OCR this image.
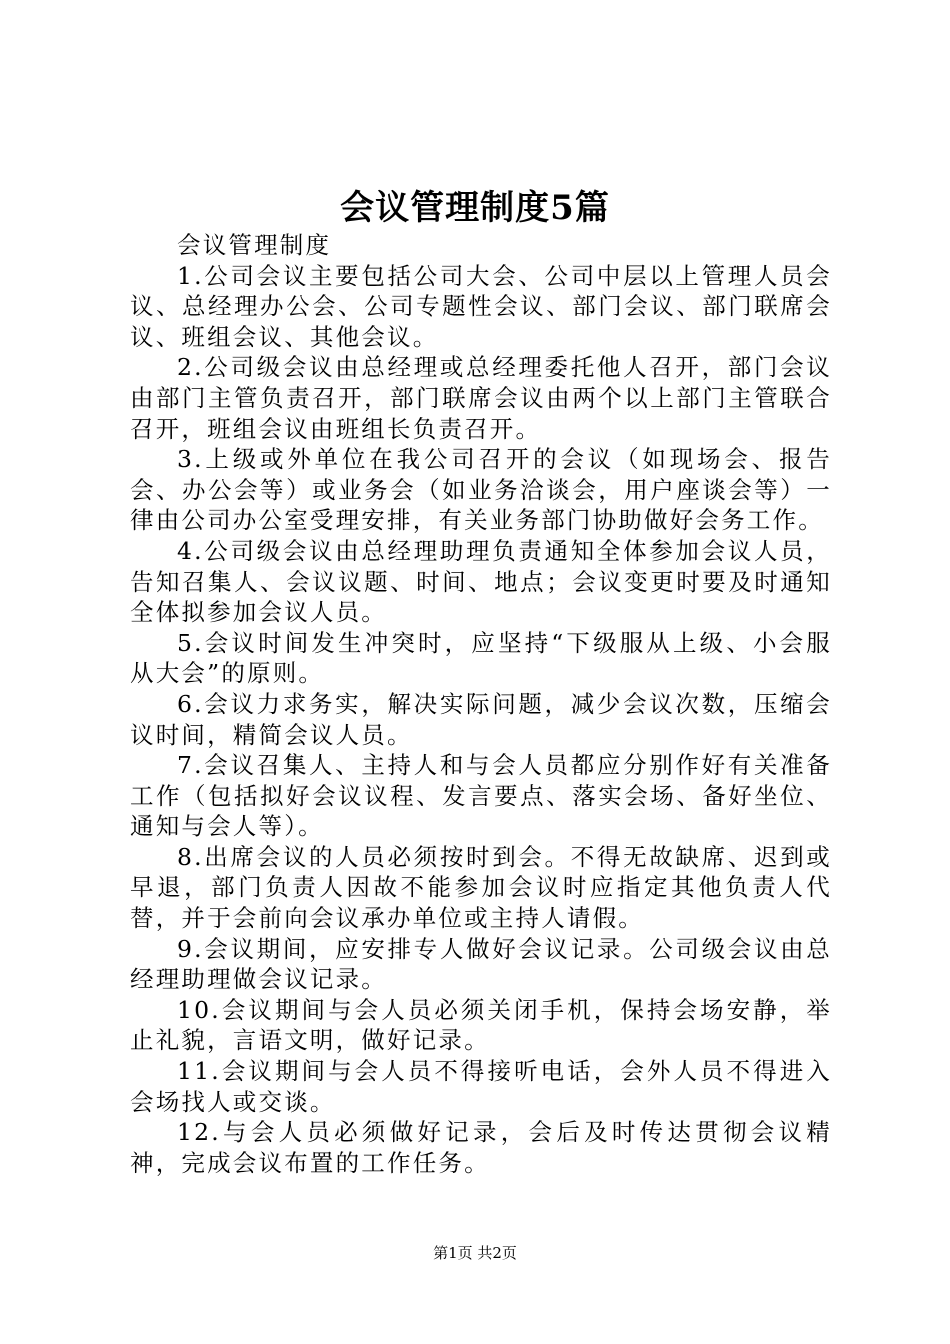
会议管理制度5篇

会议管理制度

1.公司会议主要包括公司大会、公司中层以上管理人员会议、总经理办公会、公司专题性会议、部门会议、部门联席会议、班组会议、其他会议。

2.公司级会议由总经理或总经理委托他人召开，部门会议由部门主管负责召开，部门联席会议由两个以上部门主管联合召开，班组会议由班组长负责召开。

3.上级或外单位在我公司召开的会议（如现场会、报告会、办公会等）或业务会（如业务洽谈会，用户座谈会等）一律由公司办公室受理安排，有关业务部门协助做好会务工作。

4.公司级会议由总经理助理负责通知全体参加会议人员，告知召集人、会议议题、时间、地点；会议变更时要及时通知全体拟参加会议人员。

5.会议时间发生冲突时，应坚持“下级服从上级、小会服从大会”的原则。

6.会议力求务实，解决实际问题，减少会议次数，压缩会议时间，精简会议人员。

7.会议召集人、主持人和与会人员都应分别作好有关准备工作（包括拟好会议议程、发言要点、落实会场、备好坐位、通知与会人等）。

8.出席会议的人员必须按时到会。不得无故缺席、迟到或早退，部门负责人因故不能参加会议时应指定其他负责人代替，并于会前向会议承办单位或主持人请假。

9.会议期间，应安排专人做好会议记录。公司级会议由总经理助理做会议记录。

10.会议期间与会人员必须关闭手机，保持会场安静，举止礼貌，言语文明，做好记录。

11.会议期间与会人员不得接听电话，会外人员不得进入会场找人或交谈。

12.与会人员必须做好记录，会后及时传达贯彻会议精神，完成会议布置的工作任务。

第1页 共2页
